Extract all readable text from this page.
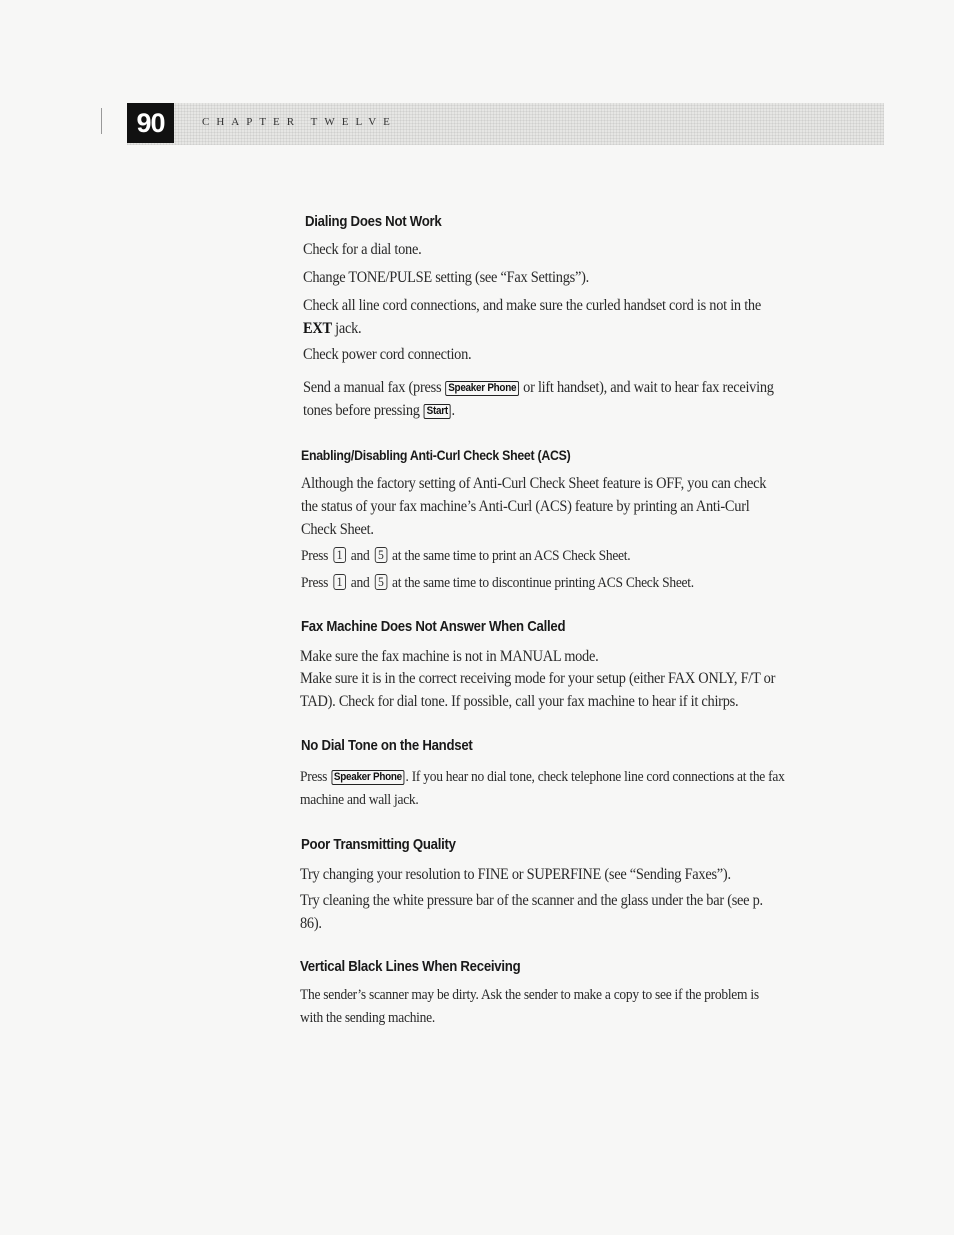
90	CHAPTER TWELVE
Dialing Does Not Work
Check for a dial tone.
Change TONE/PULSE setting (see “Fax Settings”).
Check all line cord connections, and make sure the curled handset cord is not in the EXT jack.
Check power cord connection.
Send a manual fax (press Speaker Phone or lift handset), and wait to hear fax receiving tones before pressing Start .
Enabling/Disabling Anti-Curl Check Sheet (ACS)
Although the factory setting of Anti-Curl Check Sheet feature is OFF, you can check the status of your fax machine’s Anti-Curl (ACS) feature by printing an Anti-Curl Check Sheet.
Press 1 and 5 at the same time to print an ACS Check Sheet.
Press 1 and 5 at the same time to discontinue printing ACS Check Sheet.
Fax Machine Does Not Answer When Called
Make sure the fax machine is not in MANUAL mode.
Make sure it is in the correct receiving mode for your setup (either FAX ONLY, F/T or TAD). Check for dial tone. If possible, call your fax machine to hear if it chirps.
No Dial Tone on the Handset
Press Speaker Phone . If you hear no dial tone, check telephone line cord connections at the fax machine and wall jack.
Poor Transmitting Quality
Try changing your resolution to FINE or SUPERFINE (see “Sending Faxes”).
Try cleaning the white pressure bar of the scanner and the glass under the bar (see p. 86).
Vertical Black Lines When Receiving
The sender’s scanner may be dirty. Ask the sender to make a copy to see if the problem is with the sending machine.
